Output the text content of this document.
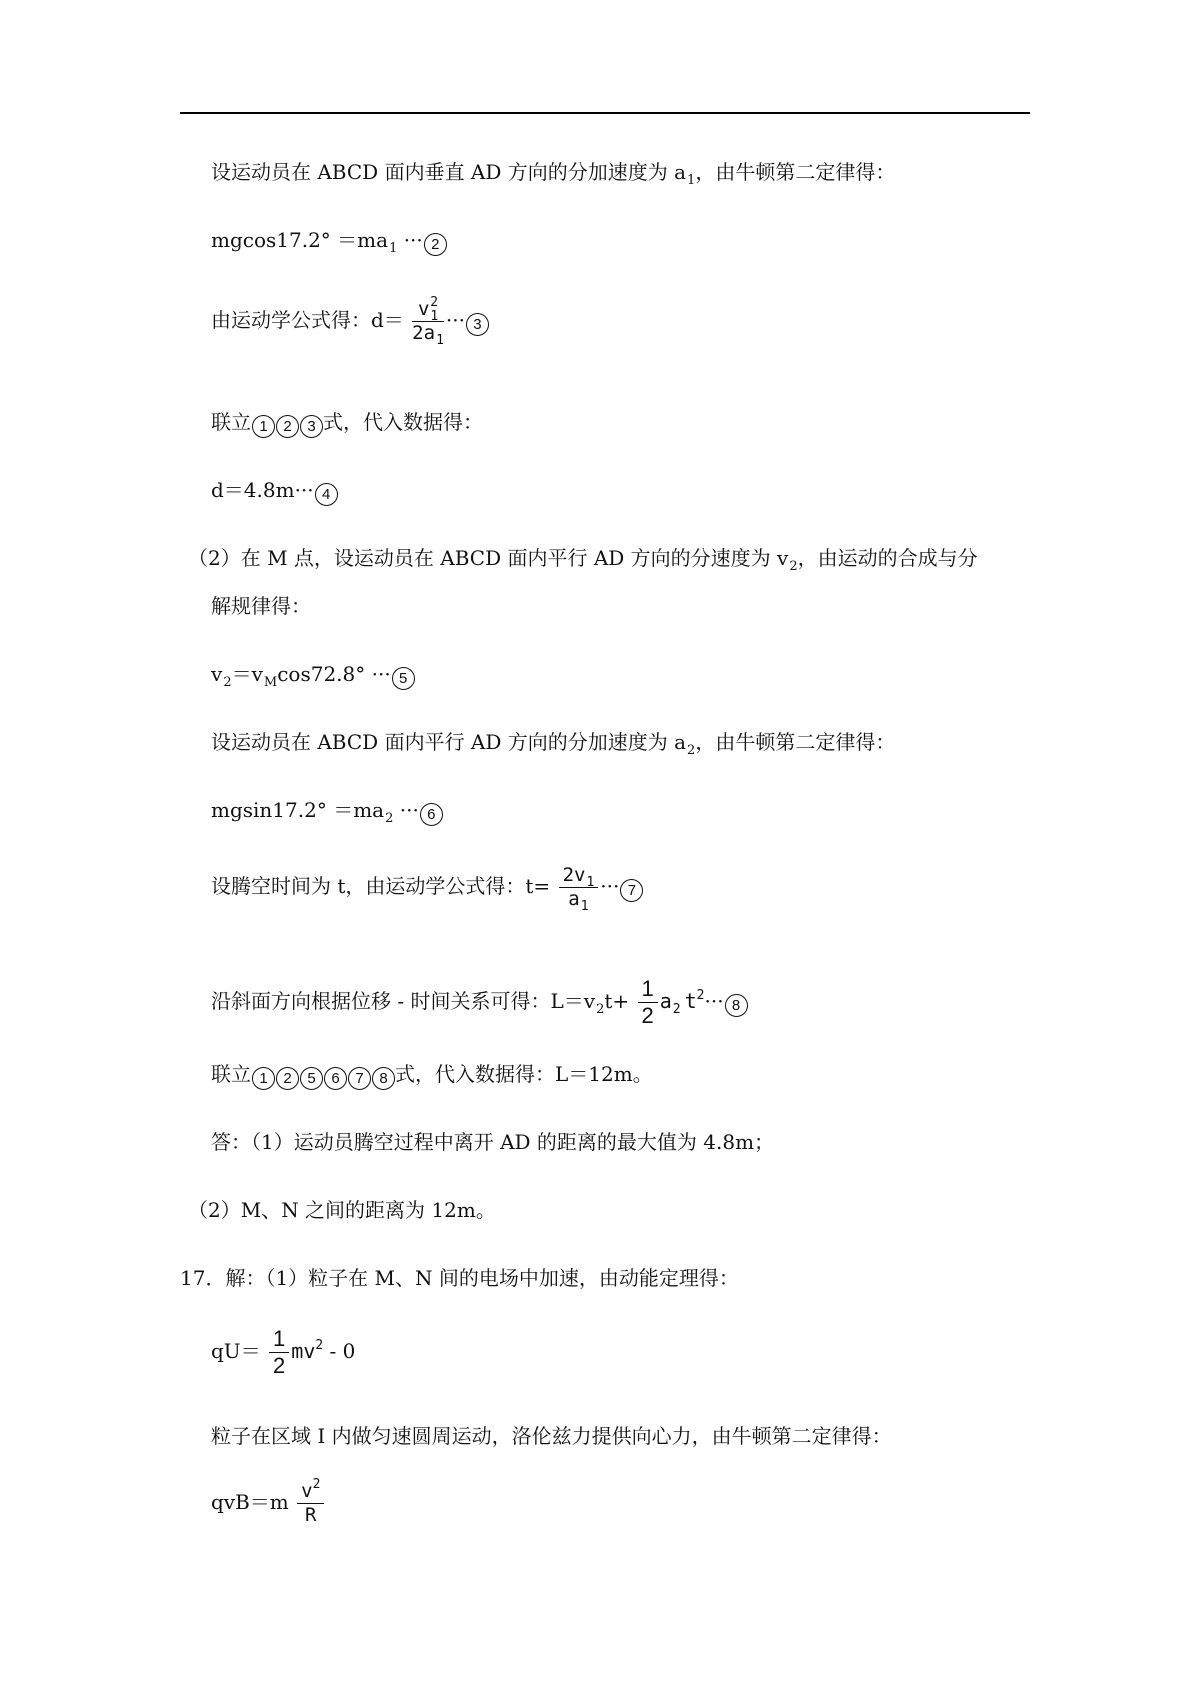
设运动员在 ABCD 面内垂直 AD 方向的分加速度为 $a_1$，由牛顿第二定律得：
$mgcos17.2^\circ =ma_1$ ··· 2
由运动学公式得：$d= \frac{v_1^2}{2a_1}$ ··· 3
联立 1 2 3 式，代入数据得：
d＝4.8m··· 4
（2）在 M 点，设运动员在 ABCD 面内平行 AD 方向的分速度为 $v_2$，由运动的合成与分
解规律得：
$v_2=v_M\cos 72.8^\circ$ ··· 5
设运动员在 ABCD 面内平行 AD 方向的分加速度为 $a_2$，由牛顿第二定律得：
$mgsin17.2^\circ =ma_2$ ··· 6
设腾空时间为 t，由运动学公式得：$t= \frac{2v_1}{a_1}$ ··· 7
沿斜面方向根据位移 - 时间关系可得：$L=v_2t+ \frac{1}{2} a_2$ $t^2\cdot\cdot\cdot 8$
联立 1 2 5 6 7 8 式，代入数据得：L＝12m。
答：（1）运动员腾空过程中离开 AD 的距离的最大值为 4.8m；
（2）M、N 之间的距离为 12m。
17．解：（1）粒子在 M、N 间的电场中加速，由动能定理得：
$qU= \frac{1}{2} mv^2 - 0$
粒子在区域 I 内做匀速圆周运动，洛伦兹力提供向心力，由牛顿第二定律得：
$qvB=m \frac{v^2}{R}$
